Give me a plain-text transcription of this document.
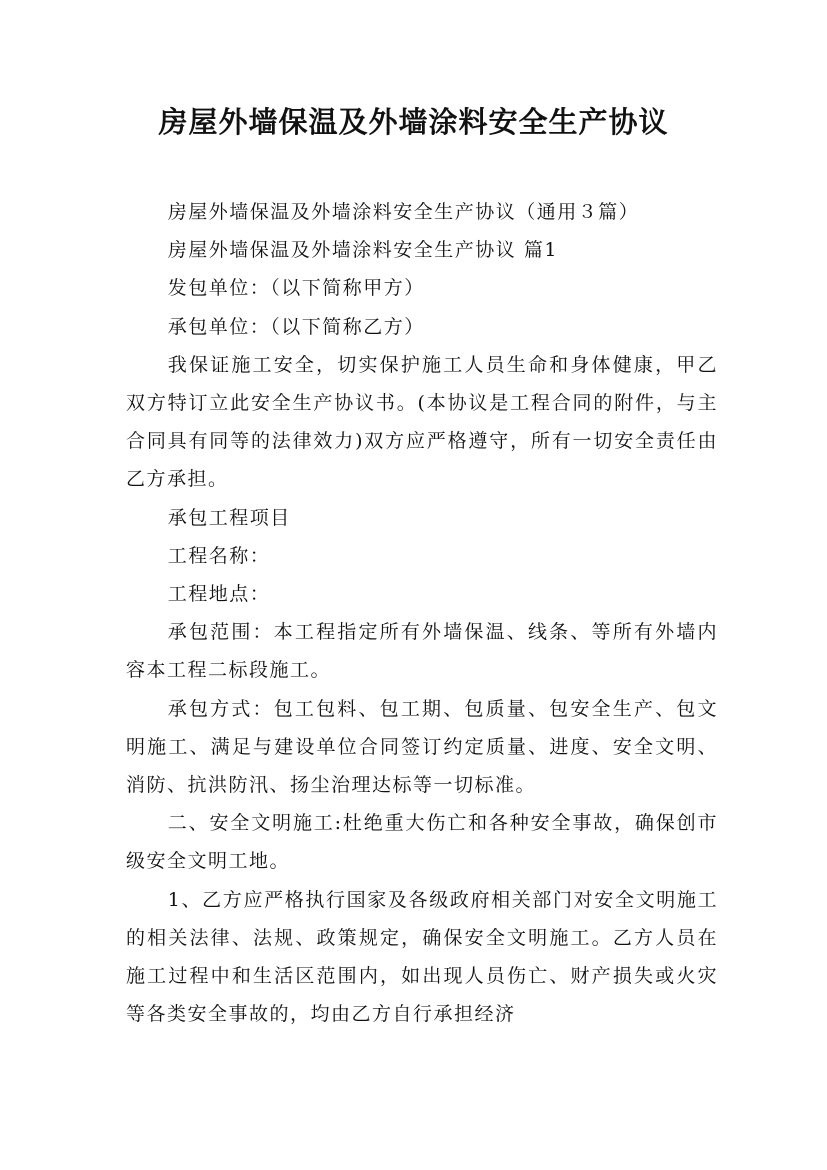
房屋外墙保温及外墙涂料安全生产协议

房屋外墙保温及外墙涂料安全生产协议（通用３篇）

房屋外墙保温及外墙涂料安全生产协议 篇1

发包单位：（以下简称甲方）

承包单位：（以下简称乙方）

我保证施工安全，切实保护施工人员生命和身体健康，甲乙双方特订立此安全生产协议书。(本协议是工程合同的附件，与主合同具有同等的法律效力)双方应严格遵守，所有一切安全责任由乙方承担。

承包工程项目

工程名称：

工程地点：

承包范围：本工程指定所有外墙保温、线条、等所有外墙内容本工程二标段施工。

承包方式：包工包料、包工期、包质量、包安全生产、包文明施工、满足与建设单位合同签订约定质量、进度、安全文明、消防、抗洪防汛、扬尘治理达标等一切标准。

二、安全文明施工:杜绝重大伤亡和各种安全事故，确保创市级安全文明工地。

1、乙方应严格执行国家及各级政府相关部门对安全文明施工的相关法律、法规、政策规定，确保安全文明施工。乙方人员在施工过程中和生活区范围内，如出现人员伤亡、财产损失或火灾等各类安全事故的，均由乙方自行承担经济
